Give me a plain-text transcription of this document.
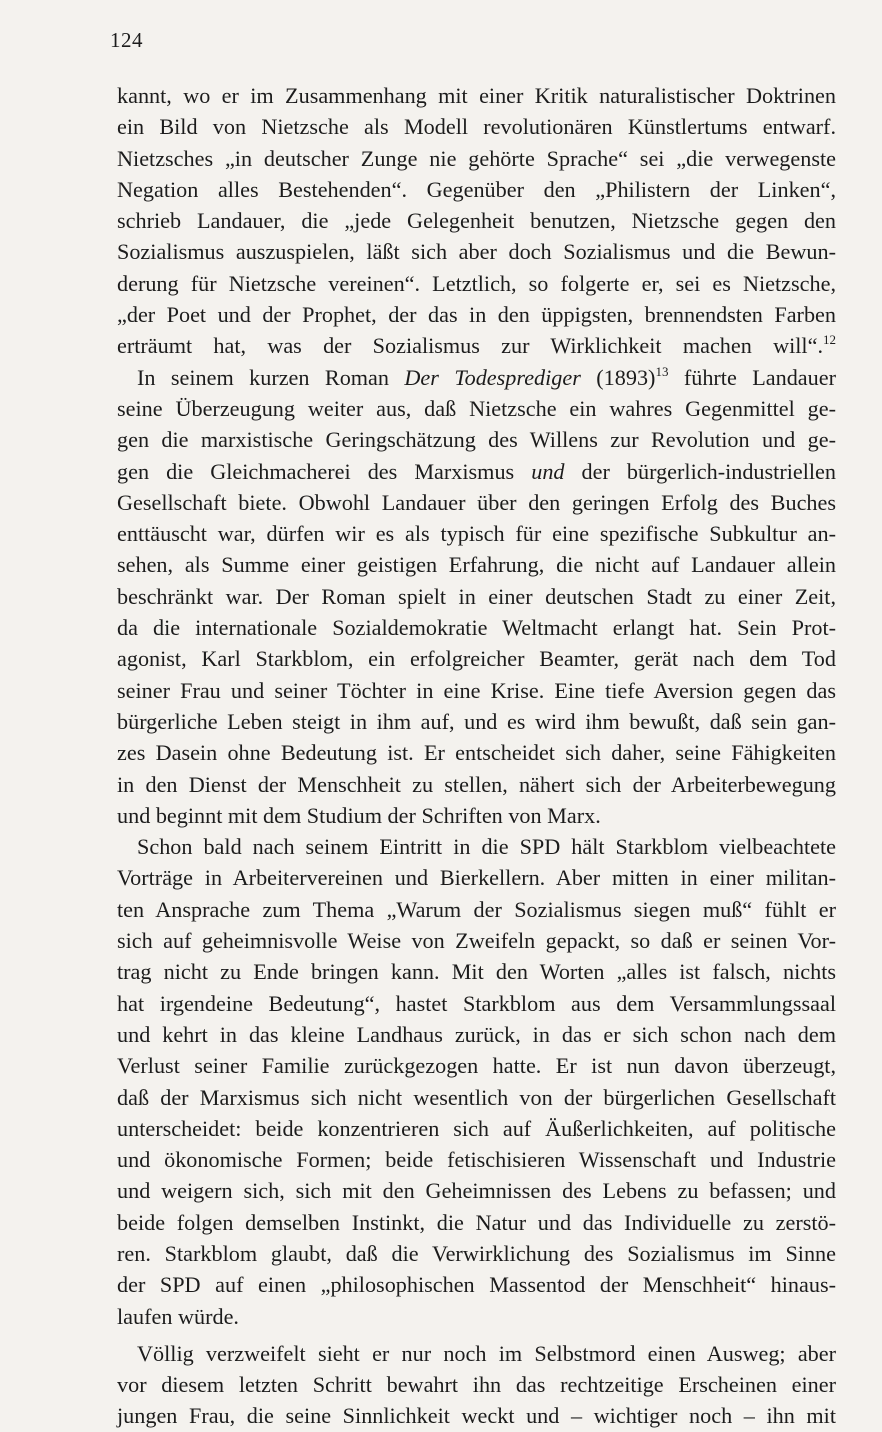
124

kannt, wo er im Zusammenhang mit einer Kritik naturalistischer Doktrinen
ein Bild von Nietzsche als Modell revolutionären Künstlertums entwarf.
Nietzsches „in deutscher Zunge nie gehörte Sprache“ sei „die verwegenste
Negation alles Bestehenden“. Gegenüber den „Philistern der Linken“,
schrieb Landauer, die „jede Gelegenheit benutzen, Nietzsche gegen den
Sozialismus auszuspielen, läßt sich aber doch Sozialismus und die Bewun-
derung für Nietzsche vereinen“. Letztlich, so folgerte er, sei es Nietzsche,
„der Poet und der Prophet, der das in den üppigsten, brennendsten Farben
erträumt hat, was der Sozialismus zur Wirklichkeit machen will“.$^{12}$

In seinem kurzen Roman Der Todesprediger $(1893)^{13}$ führte Landauer
seine Überzeugung weiter aus, daß Nietzsche ein wahres Gegenmittel ge-
gen die marxistische Geringschätzung des Willens zur Revolution und ge-
gen die Gleichmacherei des Marxismus und der bürgerlich-industriellen
Gesellschaft biete. Obwohl Landauer über den geringen Erfolg des Buches
enttäuscht war, dürfen wir es als typisch für eine spezifische Subkultur an-
sehen, als Summe einer geistigen Erfahrung, die nicht auf Landauer allein
beschränkt war. Der Roman spielt in einer deutschen Stadt zu einer Zeit,
da die internationale Sozialdemokratie Weltmacht erlangt hat. Sein Prot-
agonist, Karl Starkblom, ein erfolgreicher Beamter, gerät nach dem Tod
seiner Frau und seiner Töchter in eine Krise. Eine tiefe Aversion gegen das
bürgerliche Leben steigt in ihm auf, und es wird ihm bewußt, daß sein gan-
zes Dasein ohne Bedeutung ist. Er entscheidet sich daher, seine Fähigkeiten
in den Dienst der Menschheit zu stellen, nähert sich der Arbeiterbewegung
und beginnt mit dem Studium der Schriften von Marx.

Schon bald nach seinem Eintritt in die SPD hält Starkblom vielbeachtete
Vorträge in Arbeitervereinen und Bierkellern. Aber mitten in einer militan-
ten Ansprache zum Thema „Warum der Sozialismus siegen muß“ fühlt er
sich auf geheimnisvolle Weise von Zweifeln gepackt, so daß er seinen Vor-
trag nicht zu Ende bringen kann. Mit den Worten „alles ist falsch, nichts
hat irgendeine Bedeutung“, hastet Starkblom aus dem Versammlungssaal
und kehrt in das kleine Landhaus zurück, in das er sich schon nach dem
Verlust seiner Familie zurückgezogen hatte. Er ist nun davon überzeugt,
daß der Marxismus sich nicht wesentlich von der bürgerlichen Gesellschaft
unterscheidet: beide konzentrieren sich auf Äußerlichkeiten, auf politische
und ökonomische Formen; beide fetischisieren Wissenschaft und Industrie
und weigern sich, sich mit den Geheimnissen des Lebens zu befassen; und
beide folgen demselben Instinkt, die Natur und das Individuelle zu zerstö-
ren. Starkblom glaubt, daß die Verwirklichung des Sozialismus im Sinne
der SPD auf einen „philosophischen Massentod der Menschheit“ hinaus-
laufen würde.

Völlig verzweifelt sieht er nur noch im Selbstmord einen Ausweg; aber
vor diesem letzten Schritt bewahrt ihn das rechtzeitige Erscheinen einer
jungen Frau, die seine Sinnlichkeit weckt und – wichtiger noch – ihn mit
